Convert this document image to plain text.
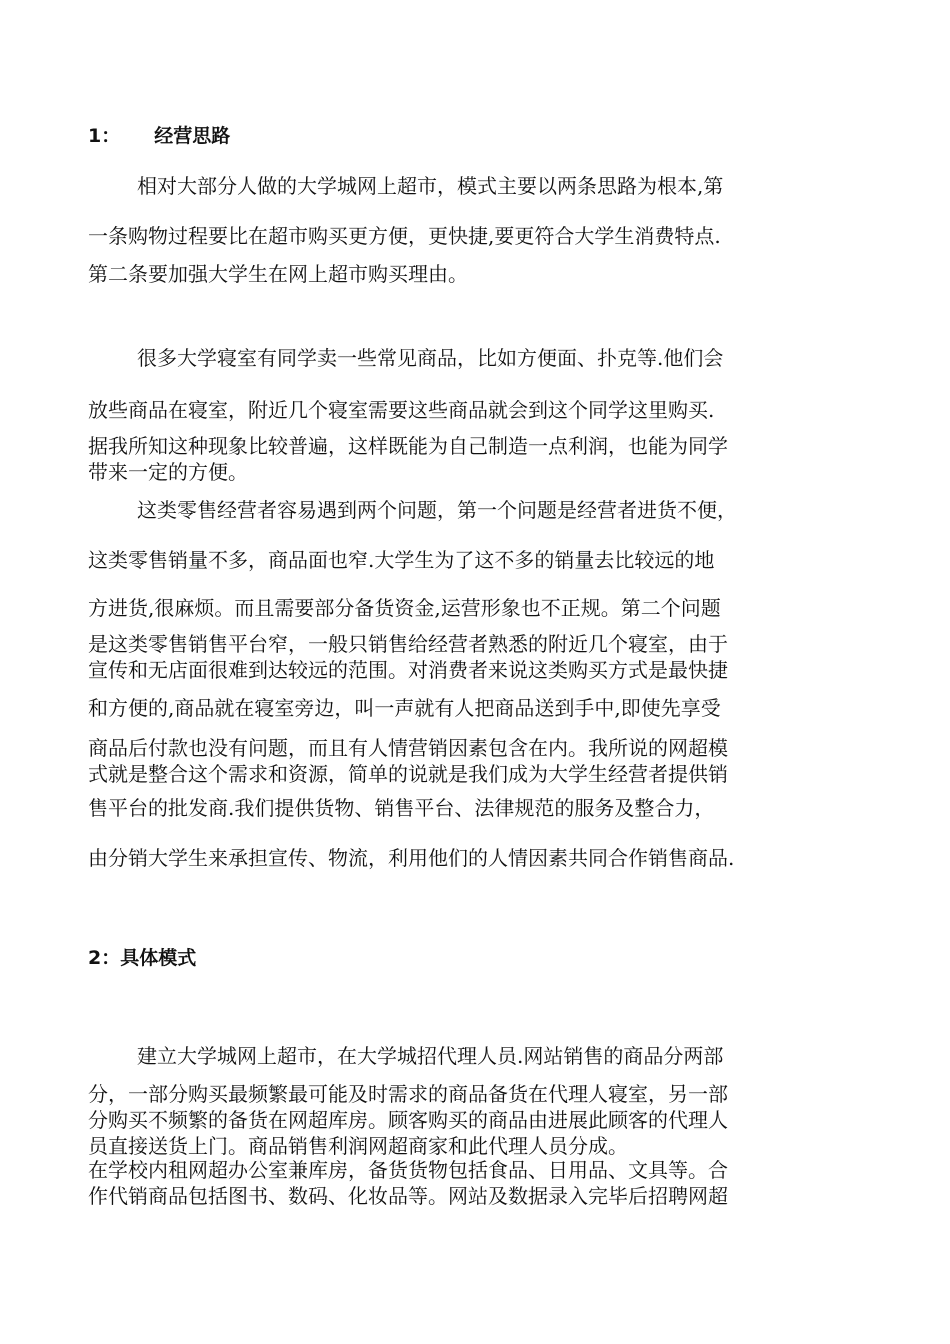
1： 经营思路
相对大部分人做的大学城网上超市，模式主要以两条思路为根本,第
一条购物过程要比在超市购买更方便，更快捷,要更符合大学生消费特点.
第二条要加强大学生在网上超市购买理由。
很多大学寝室有同学卖一些常见商品，比如方便面、扑克等.他们会
放些商品在寝室，附近几个寝室需要这些商品就会到这个同学这里购买.
据我所知这种现象比较普遍，这样既能为自己制造一点利润，也能为同学
带来一定的方便。
这类零售经营者容易遇到两个问题，第一个问题是经营者进货不便，
这类零售销量不多，商品面也窄.大学生为了这不多的销量去比较远的地
方进货,很麻烦。而且需要部分备货资金,运营形象也不正规。第二个问题
是这类零售销售平台窄，一般只销售给经营者熟悉的附近几个寝室，由于
宣传和无店面很难到达较远的范围。对消费者来说这类购买方式是最快捷
和方便的,商品就在寝室旁边，叫一声就有人把商品送到手中,即使先享受
商品后付款也没有问题，而且有人情营销因素包含在内。我所说的网超模
式就是整合这个需求和资源，简单的说就是我们成为大学生经营者提供销
售平台的批发商.我们提供货物、销售平台、法律规范的服务及整合力，
由分销大学生来承担宣传、物流，利用他们的人情因素共同合作销售商品.
2：具体模式
建立大学城网上超市，在大学城招代理人员.网站销售的商品分两部
分，一部分购买最频繁最可能及时需求的商品备货在代理人寝室，另一部
分购买不频繁的备货在网超库房。顾客购买的商品由进展此顾客的代理人
员直接送货上门。商品销售利润网超商家和此代理人员分成。
在学校内租网超办公室兼库房，备货货物包括食品、日用品、文具等。合
作代销商品包括图书、数码、化妆品等。网站及数据录入完毕后招聘网超
